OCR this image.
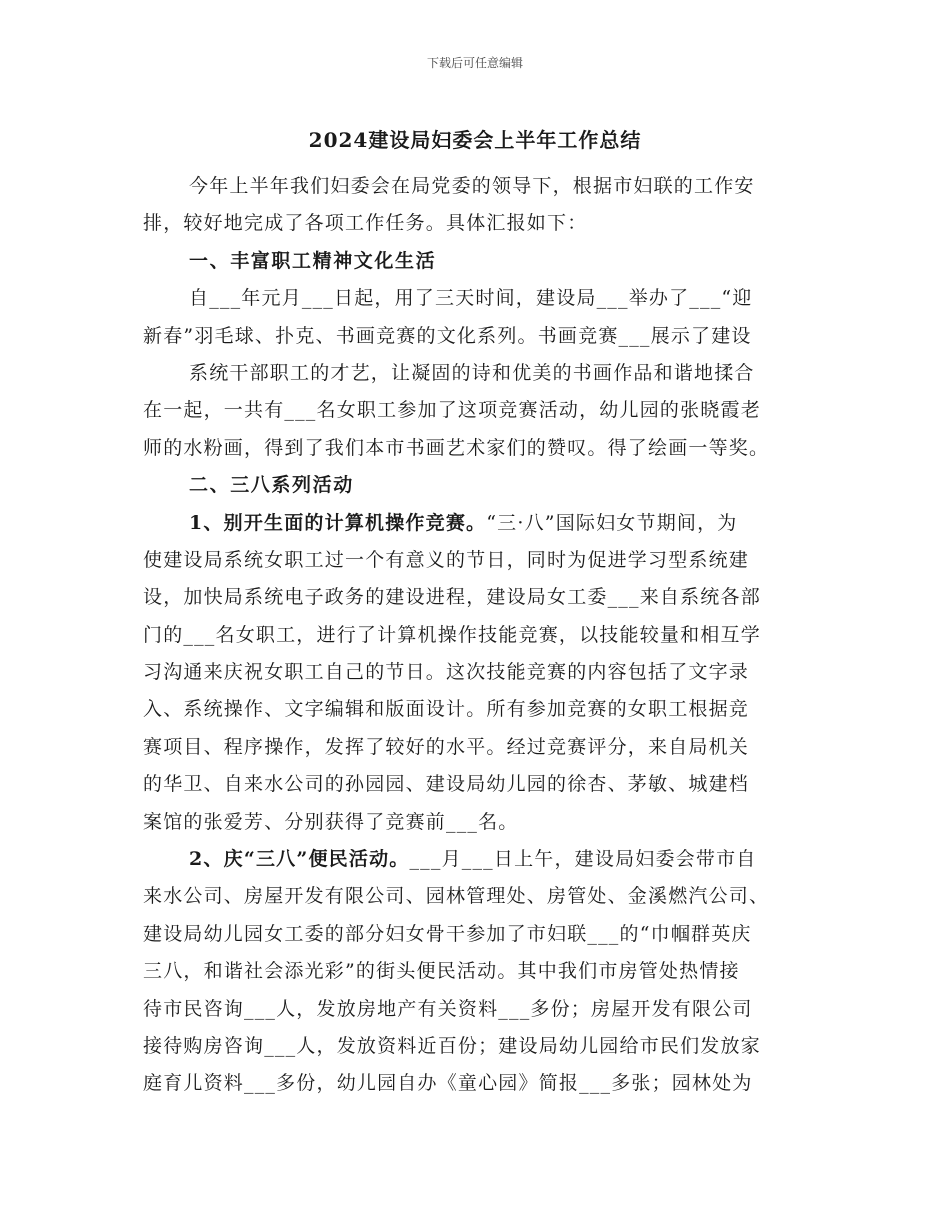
下载后可任意编辑
2024建设局妇委会上半年工作总结
今年上半年我们妇委会在局党委的领导下，根据市妇联的工作安
排，较好地完成了各项工作任务。具体汇报如下：
一、丰富职工精神文化生活
自___年元月___日起，用了三天时间，建设局___举办了___“迎
新春”羽毛球、扑克、书画竞赛的文化系列。书画竞赛___展示了建设
系统干部职工的才艺，让凝固的诗和优美的书画作品和谐地揉合
在一起，一共有___名女职工参加了这项竞赛活动，幼儿园的张晓霞老
师的水粉画，得到了我们本市书画艺术家们的赞叹。得了绘画一等奖。
二、三八系列活动
1、别开生面的计算机操作竞赛。“三·八”国际妇女节期间，为
使建设局系统女职工过一个有意义的节日，同时为促进学习型系统建
设，加快局系统电子政务的建设进程，建设局女工委___来自系统各部
门的___名女职工，进行了计算机操作技能竞赛，以技能较量和相互学
习沟通来庆祝女职工自己的节日。这次技能竞赛的内容包括了文字录
入、系统操作、文字编辑和版面设计。所有参加竞赛的女职工根据竞
赛项目、程序操作，发挥了较好的水平。经过竞赛评分，来自局机关
的华卫、自来水公司的孙园园、建设局幼儿园的徐杏、茅敏、城建档
案馆的张爱芳、分别获得了竞赛前___名。
2、庆“三八”便民活动。___月___日上午，建设局妇委会带市自
来水公司、房屋开发有限公司、园林管理处、房管处、金溪燃汽公司、
建设局幼儿园女工委的部分妇女骨干参加了市妇联___的“巾帼群英庆
三八，和谐社会添光彩”的街头便民活动。其中我们市房管处热情接
待市民咨询___人，发放房地产有关资料___多份；房屋开发有限公司
接待购房咨询___人，发放资料近百份；建设局幼儿园给市民们发放家
庭育儿资料___多份，幼儿园自办《童心园》简报___多张；园林处为
